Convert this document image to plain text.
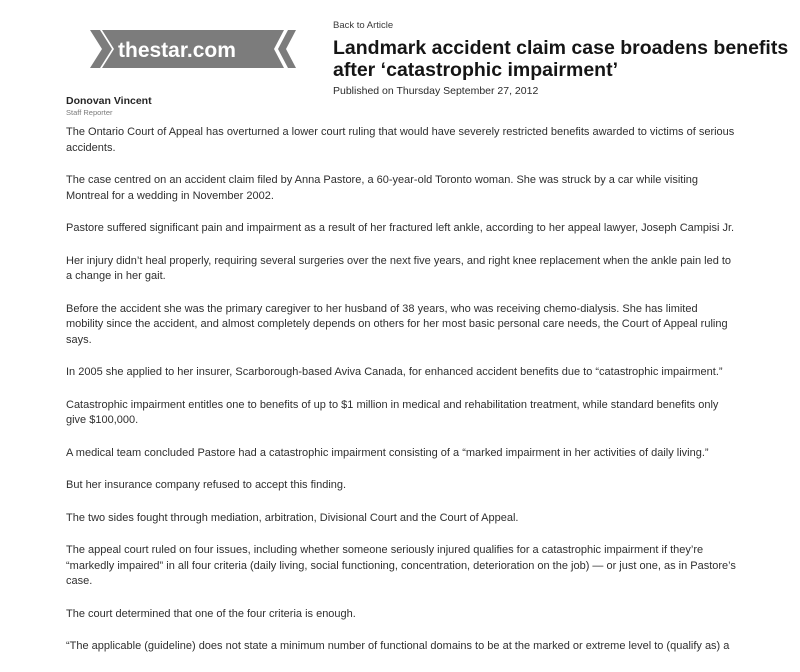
thestar.com
Back to Article
Landmark accident claim case broadens benefits after ‘catastrophic impairment’
Published on Thursday September 27, 2012
Donovan Vincent
Staff Reporter

The Ontario Court of Appeal has overturned a lower court ruling that would have severely restricted benefits awarded to victims of serious accidents.

The case centred on an accident claim filed by Anna Pastore, a 60-year-old Toronto woman. She was struck by a car while visiting Montreal for a wedding in November 2002.

Pastore suffered significant pain and impairment as a result of her fractured left ankle, according to her appeal lawyer, Joseph Campisi Jr.

Her injury didn’t heal properly, requiring several surgeries over the next five years, and right knee replacement when the ankle pain led to a change in her gait.

Before the accident she was the primary caregiver to her husband of 38 years, who was receiving chemo-dialysis. She has limited mobility since the accident, and almost completely depends on others for her most basic personal care needs, the Court of Appeal ruling says.

In 2005 she applied to her insurer, Scarborough-based Aviva Canada, for enhanced accident benefits due to “catastrophic impairment.”

Catastrophic impairment entitles one to benefits of up to $1 million in medical and rehabilitation treatment, while standard benefits only give $100,000.

A medical team concluded Pastore had a catastrophic impairment consisting of a “marked impairment in her activities of daily living.”

But her insurance company refused to accept this finding.

The two sides fought through mediation, arbitration, Divisional Court and the Court of Appeal.

The appeal court ruled on four issues, including whether someone seriously injured qualifies for a catastrophic impairment if they’re “markedly impaired” in all four criteria (daily living, social functioning, concentration, deterioration on the job) — or just one, as in Pastore’s case.

The court determined that one of the four criteria is enough.

“The applicable (guideline) does not state a minimum number of functional domains to be at the marked or extreme level to (qualify as) a
